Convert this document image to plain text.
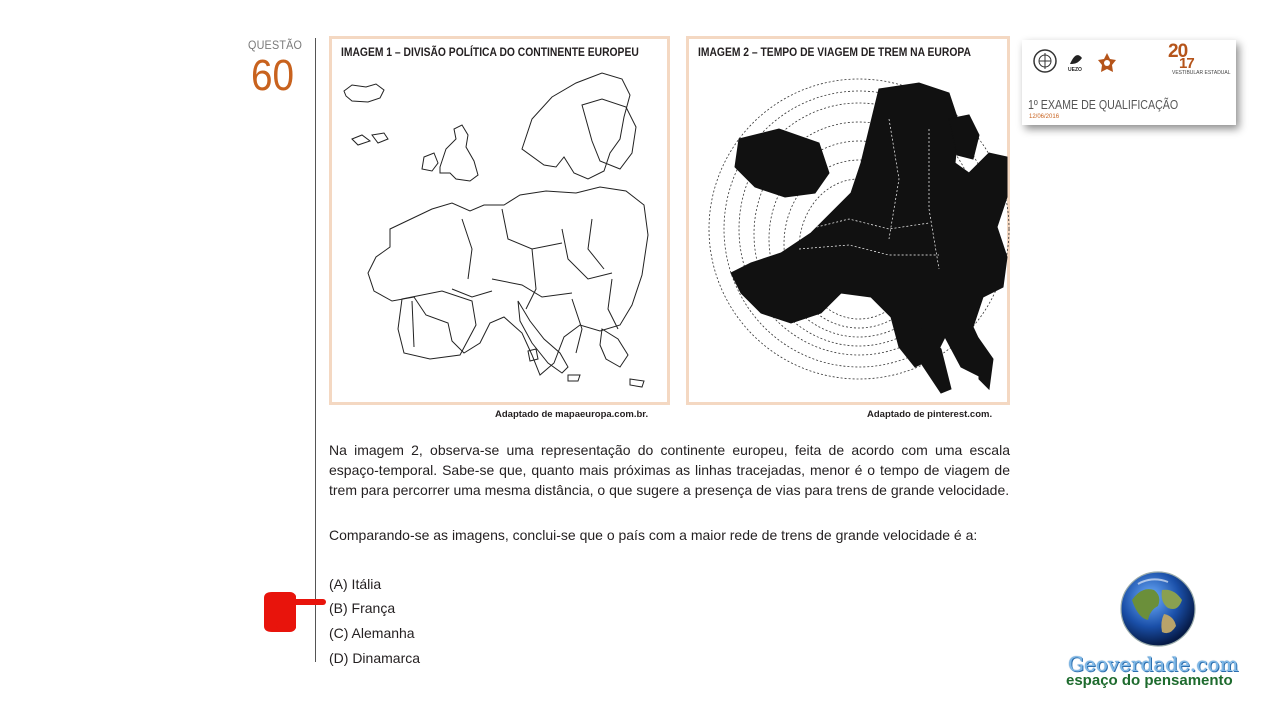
QUESTÃO
60	IMAGEM 1 – DIVISÃO POLÍTICA DO CONTINENTE EUROPEU
Adaptado de mapaeuropa.com.br.
IMAGEM 2 – TEMPO DE VIAGEM DE TREM NA EUROPA
Adaptado de pinterest.com.
Na imagem 2, observa-se uma representação do continente europeu, feita de acordo com uma escala espaço-temporal. Sabe-se que, quanto mais próximas as linhas tracejadas, menor é o tempo de viagem de trem para percorrer uma mesma distância, o que sugere a presença de vias para trens de grande velocidade.
Comparando-se as imagens, conclui-se que o país com a maior rede de trens de grande velocidade é a:
(A) Itália
(B) França
(C) Alemanha
(D) Dinamarca
UEZO
20
17
VESTIBULAR ESTADUAL
1º EXAME DE QUALIFICAÇÃO
12/06/2016
Geoverdade.com
espaço do pensamento
